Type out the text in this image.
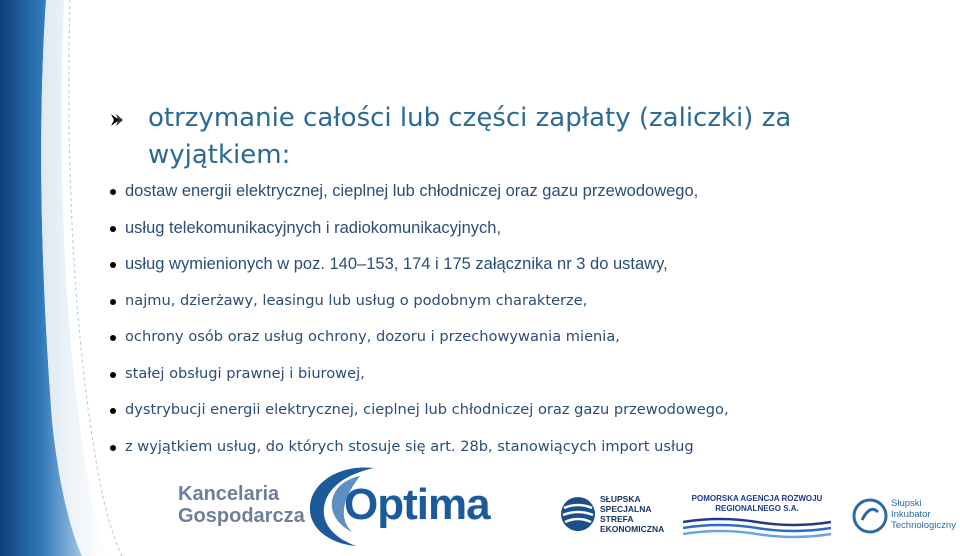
otrzymanie całości lub części zapłaty (zaliczki) za wyjątkiem:
dostaw energii elektrycznej, cieplnej lub chłodniczej oraz gazu przewodowego,
usług telekomunikacyjnych i radiokomunikacyjnych,
usług wymienionych w poz. 140–153, 174 i 175 załącznika nr 3 do ustawy,
najmu, dzierżawy, leasingu lub usług o podobnym charakterze,
ochrony osób oraz usług ochrony, dozoru i przechowywania mienia,
stałej obsługi prawnej i biurowej,
dystrybucji energii elektrycznej, cieplnej lub chłodniczej oraz gazu przewodowego,
z wyjątkiem usług, do których stosuje się art. 28b, stanowiących import usług
Kancelaria
Gospodarcza Optima	SŁUPSKA
SPECJALNA
STREFA
EKONOMICZNA
POMORSKA AGENCJA ROZWOJU
REGIONALNEGO S.A.	Słupski
Inkubator
Technologiczny
